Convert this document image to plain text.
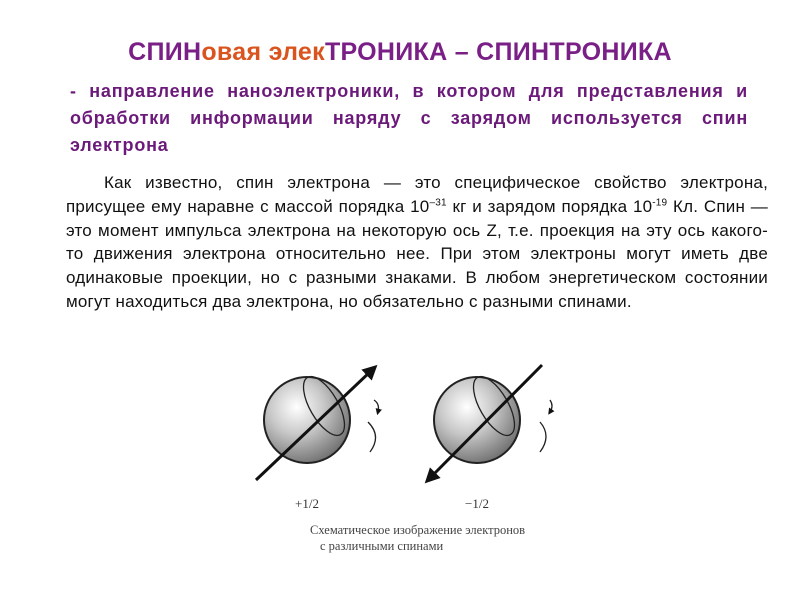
СПИНовая элекТРОНИКА – СПИНТРОНИКА
- направление наноэлектроники, в котором для представления и обработки информации наряду с зарядом используется спин электрона
Как известно, спин электрона — это специфическое свойство электрона, присущее ему наравне с массой порядка $10^{-31}$ кг и зарядом порядка $10^{-19}$ Кл. Спин — это момент импульса электрона на некоторую ось Z, т.е. проекция на эту ось какого-то движения электрона относительно нее. При этом электроны могут иметь две одинаковые проекции, но с разными знаками. В любом энергетическом состоянии могут находиться два электрона, но обязательно с разными спинами.
+1/2	−1/2
Схематическое изображение электронов
с различными спинами
